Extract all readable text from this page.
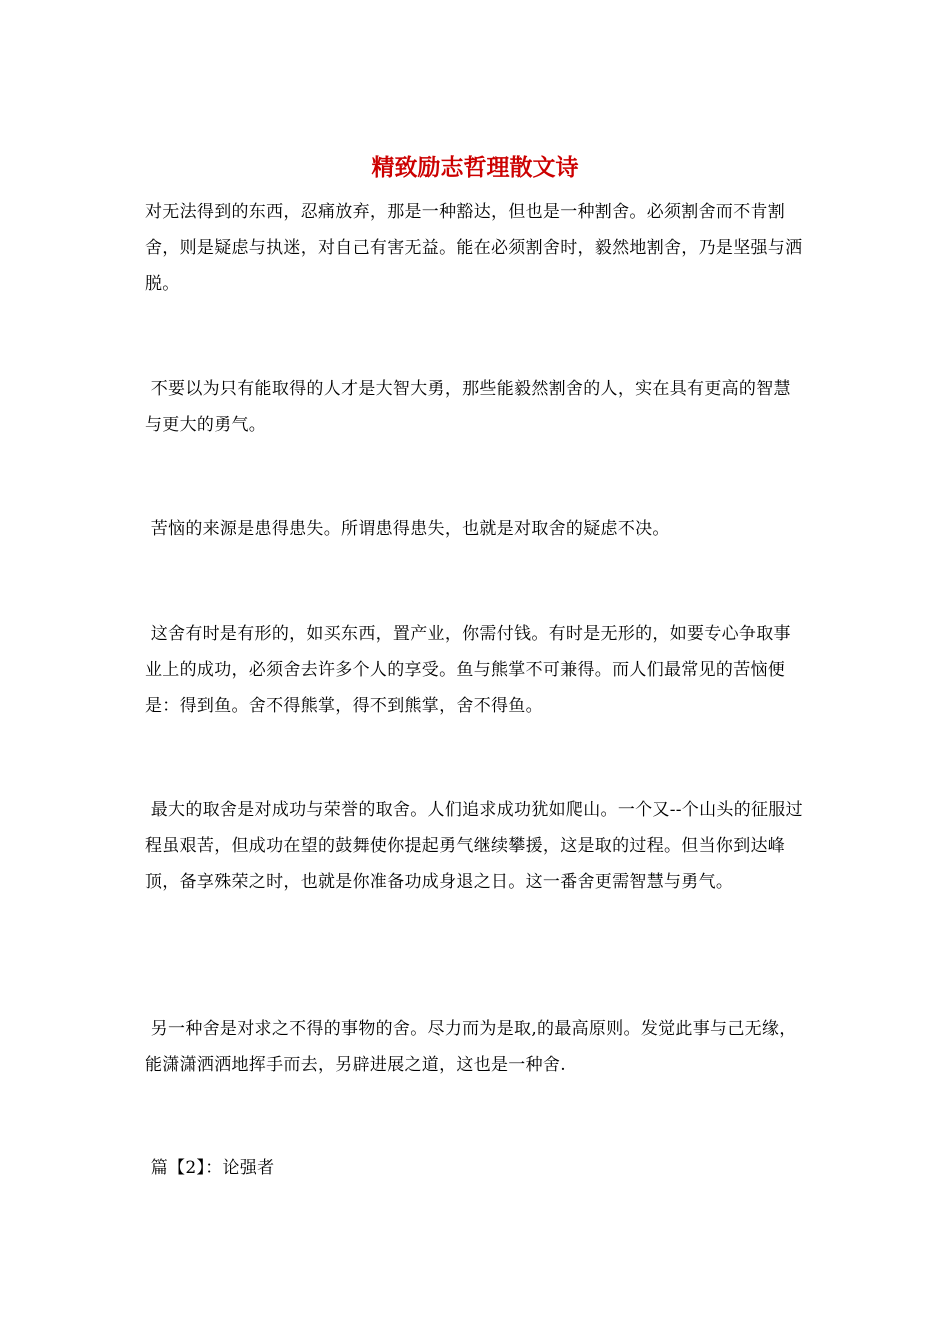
精致励志哲理散文诗

对无法得到的东西，忍痛放弃，那是一种豁达，但也是一种割舍。必须割舍而不肯割舍，则是疑虑与执迷，对自己有害无益。能在必须割舍时，毅然地割舍，乃是坚强与洒脱。

不要以为只有能取得的人才是大智大勇，那些能毅然割舍的人，实在具有更高的智慧与更大的勇气。

苦恼的来源是患得患失。所谓患得患失，也就是对取舍的疑虑不决。

这舍有时是有形的，如买东西，置产业，你需付钱。有时是无形的，如要专心争取事业上的成功，必须舍去许多个人的享受。鱼与熊掌不可兼得。而人们最常见的苦恼便是：得到鱼。舍不得熊掌，得不到熊掌，舍不得鱼。

最大的取舍是对成功与荣誉的取舍。人们追求成功犹如爬山。一个又--个山头的征服过程虽艰苦，但成功在望的鼓舞使你提起勇气继续攀援，这是取的过程。但当你到达峰顶，备享殊荣之时，也就是你准备功成身退之日。这一番舍更需智慧与勇气。

另一种舍是对求之不得的事物的舍。尽力而为是取,的最高原则。发觉此事与己无缘，能潇潇洒洒地挥手而去，另辟进展之道，这也是一种舍.

篇【2】：论强者
